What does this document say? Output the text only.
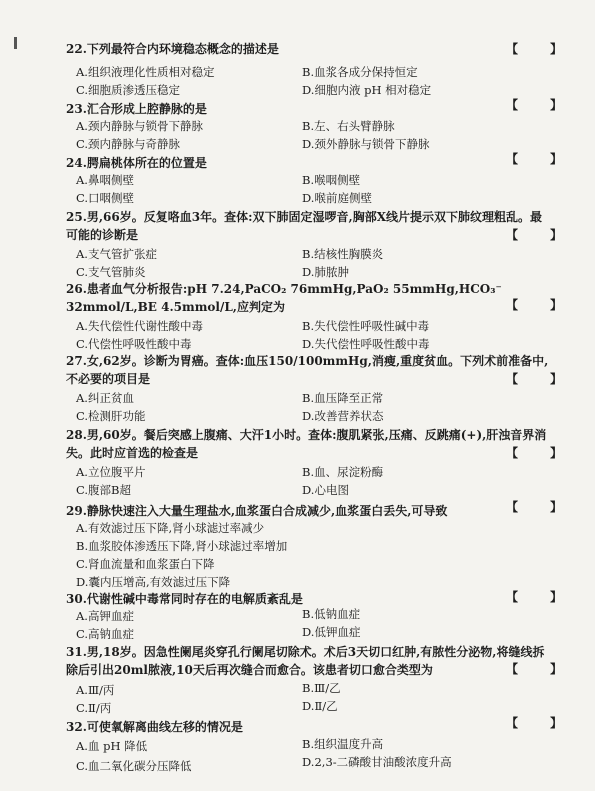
22.下列最符合内环境稳态概念的描述是	【 】
A.组织液理化性质相对稳定	B.血浆各成分保持恒定
C.细胞质渗透压稳定	D.细胞内液 pH 相对稳定
23.汇合形成上腔静脉的是	【 】
A.颈内静脉与锁骨下静脉	B.左、右头臂静脉
C.颈内静脉与奇静脉	D.颈外静脉与锁骨下静脉
24.腭扁桃体所在的位置是	【 】
A.鼻咽侧壁	B.喉咽侧壁
C.口咽侧壁	D.喉前庭侧壁
25.男,66岁。反复咯血3年。查体:双下肺固定湿啰音,胸部X线片提示双下肺纹理粗乱。最可能的诊断是	【 】
A.支气管扩张症	B.结核性胸膜炎
C.支气管肺炎	D.肺脓肿
26.患者血气分析报告:pH 7.24,PaCO₂ 76mmHg,PaO₂ 55mmHg,HCO₃⁻ 32mmol/L,BE 4.5mmol/L,应判定为	【 】
A.失代偿性代谢性酸中毒	B.失代偿性呼吸性碱中毒
C.代偿性呼吸性酸中毒	D.失代偿性呼吸性酸中毒
27.女,62岁。诊断为胃癌。查体:血压150/100mmHg,消瘦,重度贫血。下列术前准备中,不必要的项目是	【 】
A.纠正贫血	B.血压降至正常
C.检测肝功能	D.改善营养状态
28.男,60岁。餐后突感上腹痛、大汗1小时。查体:腹肌紧张,压痛、反跳痛(+),肝浊音界消失。此时应首选的检查是	【 】
A.立位腹平片	B.血、尿淀粉酶
C.腹部B超	D.心电图
29.静脉快速注入大量生理盐水,血浆蛋白合成减少,血浆蛋白丢失,可导致	【 】
A.有效滤过压下降,肾小球滤过率减少
B.血浆胶体渗透压下降,肾小球滤过率增加
C.肾血流量和血浆蛋白下降
D.囊内压增高,有效滤过压下降
30.代谢性碱中毒常同时存在的电解质紊乱是	【 】
A.高钾血症	B.低钠血症
C.高钠血症	D.低钾血症
31.男,18岁。因急性阑尾炎穿孔行阑尾切除术。术后3天切口红肿,有脓性分泌物,将缝线拆除后引出20ml脓液,10天后再次缝合而愈合。该患者切口愈合类型为	【 】
A.Ⅲ/丙	B.Ⅲ/乙
C.Ⅱ/丙	D.Ⅱ/乙
32.可使氧解离曲线左移的情况是	【 】
A.血 pH 降低	B.组织温度升高
C.血二氧化碳分压降低	D.2,3-二磷酸甘油酸浓度升高
